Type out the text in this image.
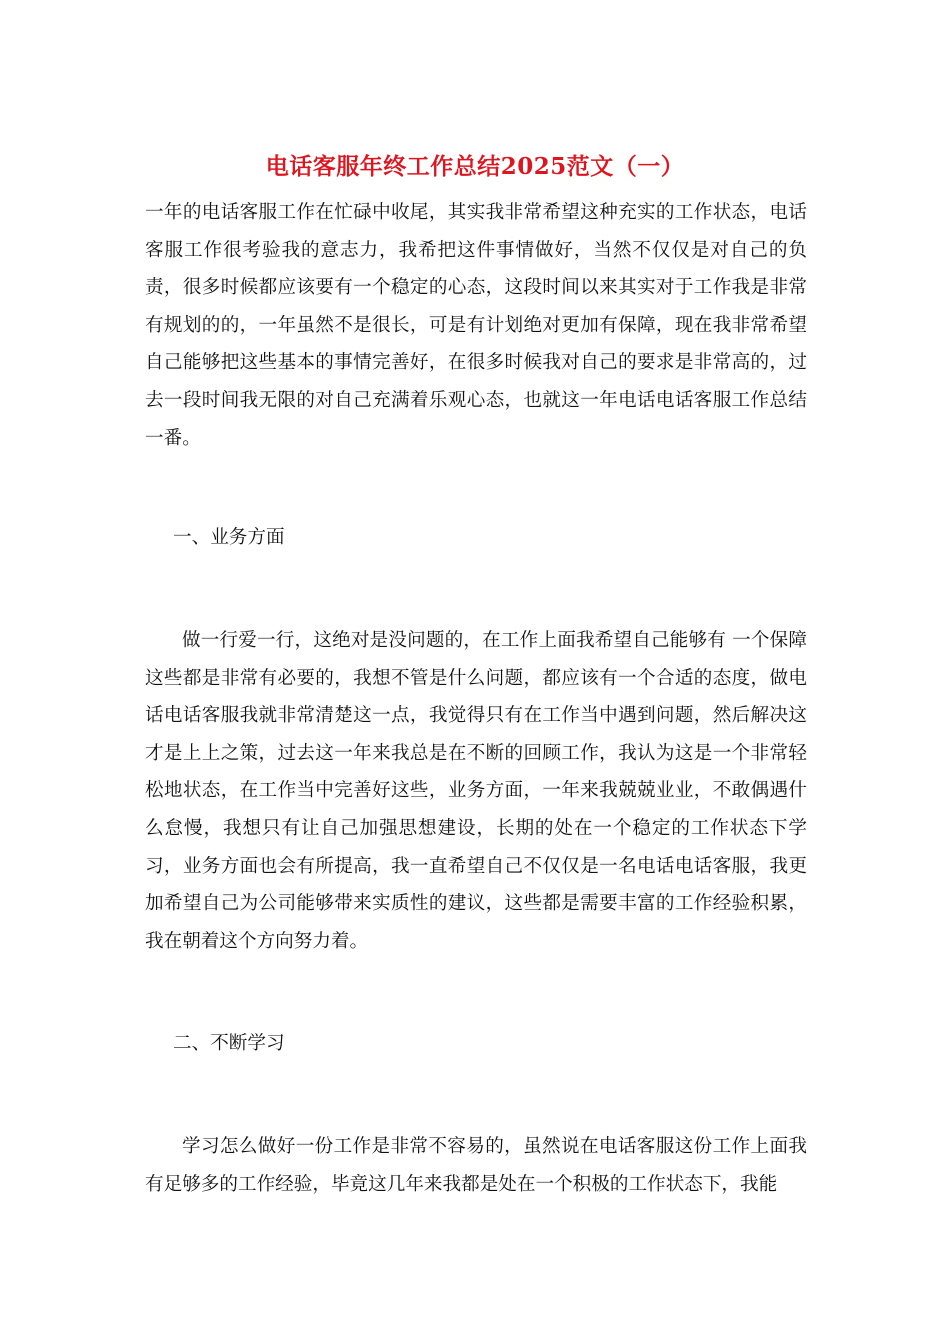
电话客服年终工作总结2025范文（一）

一年的电话客服工作在忙碌中收尾，其实我非常希望这种充实的工作状态，电话客服工作很考验我的意志力，我希把这件事情做好，当然不仅仅是对自己的负责，很多时候都应该要有一个稳定的心态，这段时间以来其实对于工作我是非常有规划的的，一年虽然不是很长，可是有计划绝对更加有保障，现在我非常希望自己能够把这些基本的事情完善好，在很多时候我对自己的要求是非常高的，过去一段时间我无限的对自己充满着乐观心态，也就这一年电话电话客服工作总结一番。

一、业务方面

做一行爱一行，这绝对是没问题的，在工作上面我希望自己能够有 一个保障这些都是非常有必要的，我想不管是什么问题，都应该有一个合适的态度，做电话电话客服我就非常清楚这一点，我觉得只有在工作当中遇到问题，然后解决这才是上上之策，过去这一年来我总是在不断的回顾工作，我认为这是一个非常轻松地状态，在工作当中完善好这些，业务方面，一年来我兢兢业业，不敢偶遇什么怠慢，我想只有让自己加强思想建设，长期的处在一个稳定的工作状态下学习，业务方面也会有所提高，我一直希望自己不仅仅是一名电话电话客服，我更加希望自己为公司能够带来实质性的建议，这些都是需要丰富的工作经验积累，我在朝着这个方向努力着。

二、不断学习

学习怎么做好一份工作是非常不容易的，虽然说在电话客服这份工作上面我有足够多的工作经验，毕竟这几年来我都是处在一个积极的工作状态下，我能
